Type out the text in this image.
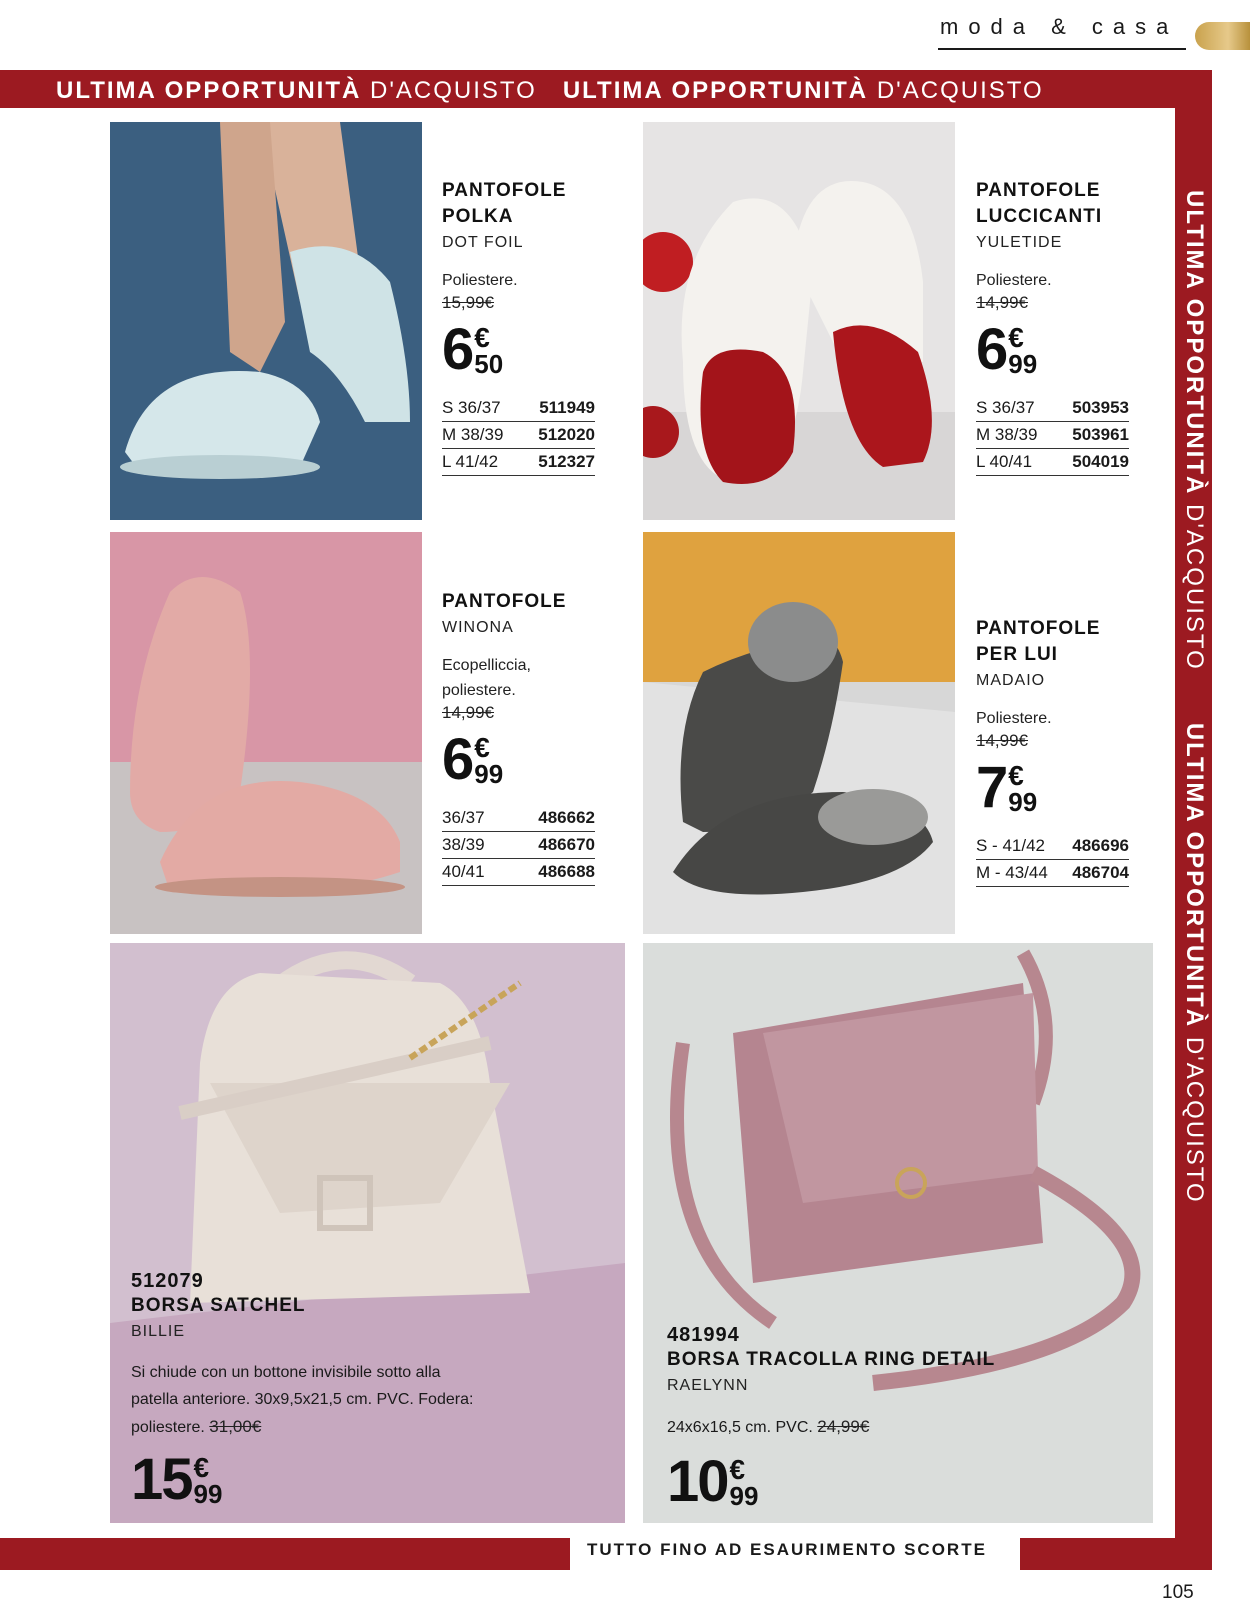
moda & casa
ULTIMA OPPORTUNITÀ D'ACQUISTO ULTIMA OPPORTUNITÀ D'ACQUISTO
ULTIMA OPPORTUNITÀ D'ACQUISTO      ULTIMA OPPORTUNITÀ D'ACQUISTO
TUTTO FINO AD ESAURIMENTO SCORTE
105
PANTOFOLE
POLKA
DOT FOIL
Poliestere.
15,99€
6 €
50
S 36/37 511949
M 38/39 512020
L 41/42 512327
PANTOFOLE
LUCCICANTI
YULETIDE
Poliestere.
14,99€
6 €
99
S 36/37 503953
M 38/39 503961
L 40/41 504019
PANTOFOLE
WINONA
Ecopelliccia,
poliestere.
14,99€
6 €
99
36/37	486662
38/39	486670
40/41	486688
PANTOFOLE
PER LUI
MADAIO
Poliestere.
14,99€
7 €
99
S - 41/42 486696
M - 43/44 486704
512079
BORSA SATCHEL
BILLIE
Si chiude con un bottone invisibile sotto alla
patella anteriore. 30x9,5x21,5 cm. PVC. Fodera:
poliestere. 31,00€
15 €
99
481994
BORSA TRACOLLA RING DETAIL
RAELYNN
24x6x16,5 cm. PVC. 24,99€
10 €
99
